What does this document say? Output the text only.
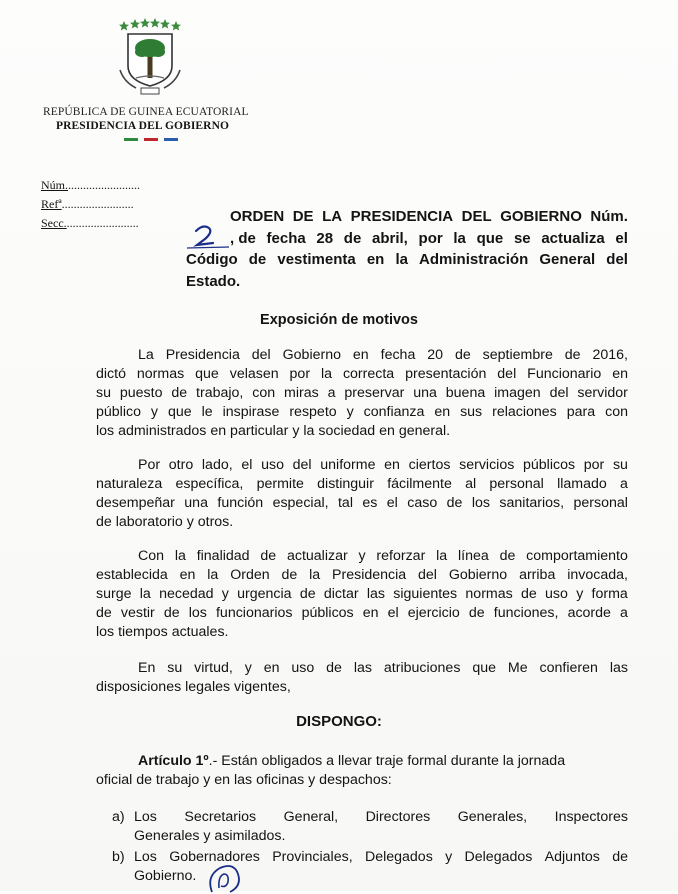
REPÚBLICA DE GUINEA ECUATORIAL
PRESIDENCIA DEL GOBIERNO
Núm.........................
Refª........................
Secc.........................	ORDEN DE LA PRESIDENCIA DEL GOBIERNO Núm.
, de fecha 28 de abril, por la que se actualiza el
Código de vestimenta en la Administración General del
Estado.
Exposición de motivos
La Presidencia del Gobierno en fecha 20 de septiembre de 2016,
dictó normas que velasen por la correcta presentación del Funcionario en
su puesto de trabajo, con miras a preservar una buena imagen del servidor
público y que le inspirase respeto y confianza en sus relaciones para con
los administrados en particular y la sociedad en general.
Por otro lado, el uso del uniforme en ciertos servicios públicos por su
naturaleza específica, permite distinguir fácilmente al personal llamado a
desempeñar una función especial, tal es el caso de los sanitarios, personal
de laboratorio y otros.
Con la finalidad de actualizar y reforzar la línea de comportamiento
establecida en la Orden de la Presidencia del Gobierno arriba invocada,
surge la necedad y urgencia de dictar las siguientes normas de uso y forma
de vestir de los funcionarios públicos en el ejercicio de funciones, acorde a
los tiempos actuales.
En su virtud, y en uso de las atribuciones que Me confieren las
disposiciones legales vigentes,
DISPONGO:
Artículo 1º.- Están obligados a llevar traje formal durante la jornada
oficial de trabajo y en las oficinas y despachos:
a) Los Secretarios General, Directores Generales, Inspectores
Generales y asimilados.
b) Los Gobernadores Provinciales, Delegados y Delegados Adjuntos de
Gobierno.
